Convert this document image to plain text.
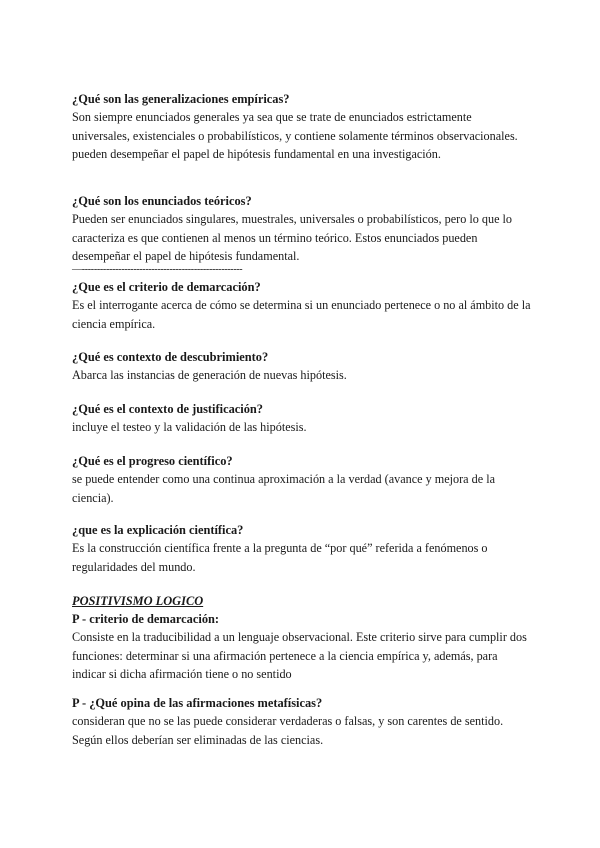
¿Qué son las generalizaciones empíricas?

Son siempre enunciados generales ya sea que se trate de enunciados estrictamente universales, existenciales o probabilísticos, y contiene solamente términos observacionales. pueden desempeñar el papel de hipótesis fundamental en una investigación.

¿Qué son los enunciados teóricos?

Pueden ser enunciados singulares, muestrales, universales o probabilísticos, pero lo que lo caracteriza es que contienen al menos un término teórico. Estos enunciados pueden desempeñar el papel de hipótesis fundamental.

—-----------------------------------------------------

¿Que es el criterio de demarcación?

Es el interrogante acerca de cómo se determina si un enunciado pertenece o no al ámbito de la ciencia empírica.

¿Qué es contexto de descubrimiento?

Abarca las instancias de generación de nuevas hipótesis.

¿Qué es el contexto de justificación?

incluye el testeo y la validación de las hipótesis.

¿Qué es el progreso científico?

se puede entender como una continua aproximación a la verdad (avance y mejora de la ciencia).

¿que es la explicación científica?

Es la construcción científica frente a la pregunta de “por qué” referida a fenómenos o regularidades del mundo.

POSITIVISMO LOGICO

P - criterio de demarcación:

Consiste en la traducibilidad a un lenguaje observacional. Este criterio sirve para cumplir dos funciones: determinar si una afirmación pertenece a la ciencia empírica y, además, para indicar si dicha afirmación tiene o no sentido

P - ¿Qué opina de las afirmaciones metafísicas?

consideran que no se las puede considerar verdaderas o falsas, y son carentes de sentido. Según ellos deberían ser eliminadas de las ciencias.
